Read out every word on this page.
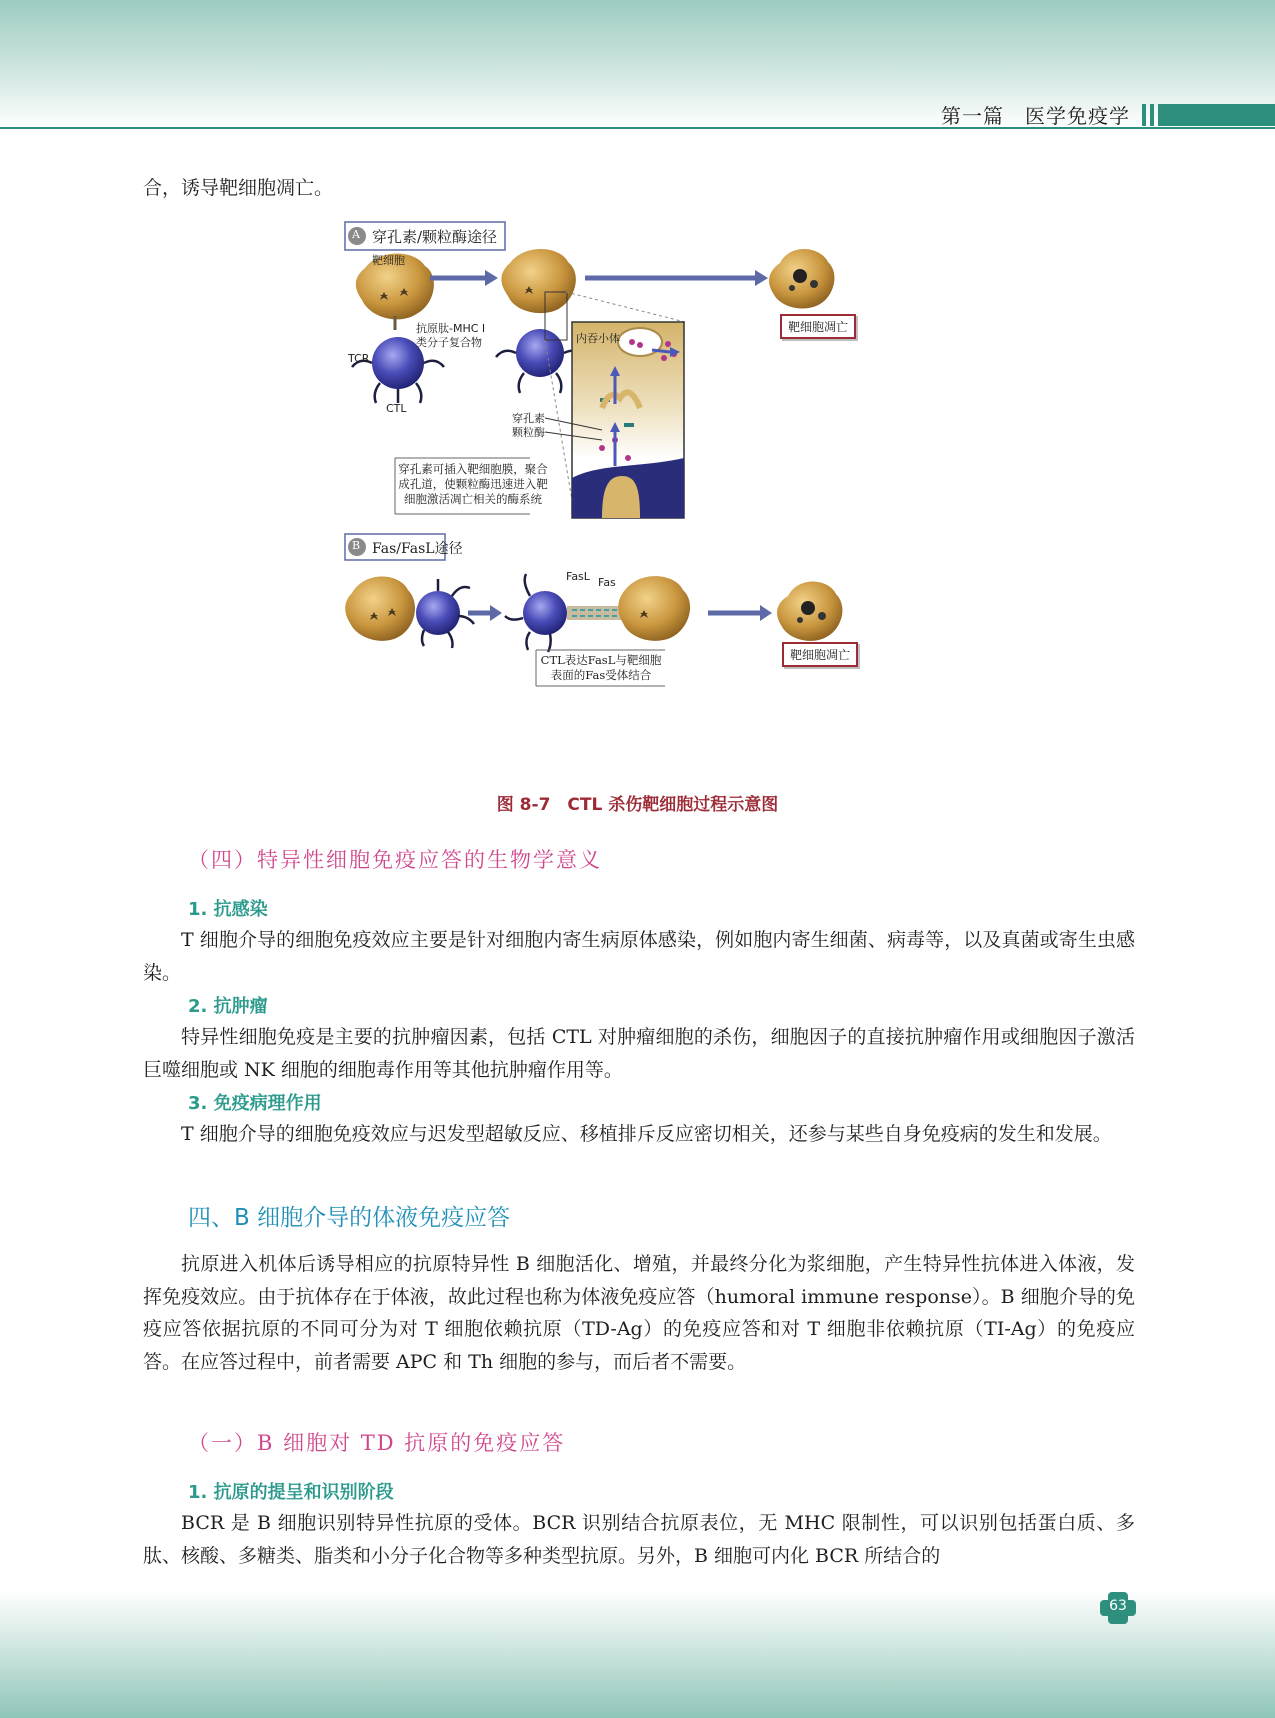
第一篇　医学免疫学
合，诱导靶细胞凋亡。
A 穿孔素/颗粒酶途径
靶细胞
抗原肽-MHC Ⅰ
类分子复合物
TCR
CTL
内吞小体
穿孔素
颗粒酶
穿孔素可插入靶细胞膜，聚合
成孔道，使颗粒酶迅速进入靶
细胞激活凋亡相关的酶系统
靶细胞凋亡
B Fas/FasL途径
FasL Fas
CTL表达FasL与靶细胞
表面的Fas受体结合
靶细胞凋亡
图 8-7　CTL 杀伤靶细胞过程示意图
（四）特异性细胞免疫应答的生物学意义
1. 抗感染
T 细胞介导的细胞免疫效应主要是针对细胞内寄生病原体感染，例如胞内寄生细菌、病毒等，以及真菌或寄生虫感染。
2. 抗肿瘤
特异性细胞免疫是主要的抗肿瘤因素，包括 CTL 对肿瘤细胞的杀伤，细胞因子的直接抗肿瘤作用或细胞因子激活巨噬细胞或 NK 细胞的细胞毒作用等其他抗肿瘤作用等。
3. 免疫病理作用
T 细胞介导的细胞免疫效应与迟发型超敏反应、移植排斥反应密切相关，还参与某些自身免疫病的发生和发展。
四、B 细胞介导的体液免疫应答
抗原进入机体后诱导相应的抗原特异性 B 细胞活化、增殖，并最终分化为浆细胞，产生特异性抗体进入体液，发挥免疫效应。由于抗体存在于体液，故此过程也称为体液免疫应答（humoral immune response）。B 细胞介导的免疫应答依据抗原的不同可分为对 T 细胞依赖抗原（TD-Ag）的免疫应答和对 T 细胞非依赖抗原（TI-Ag）的免疫应答。在应答过程中，前者需要 APC 和 Th 细胞的参与，而后者不需要。
（一）B 细胞对 TD 抗原的免疫应答
1. 抗原的提呈和识别阶段
BCR 是 B 细胞识别特异性抗原的受体。BCR 识别结合抗原表位，无 MHC 限制性，可以识别包括蛋白质、多肽、核酸、多糖类、脂类和小分子化合物等多种类型抗原。另外，B 细胞可内化 BCR 所结合的
63
